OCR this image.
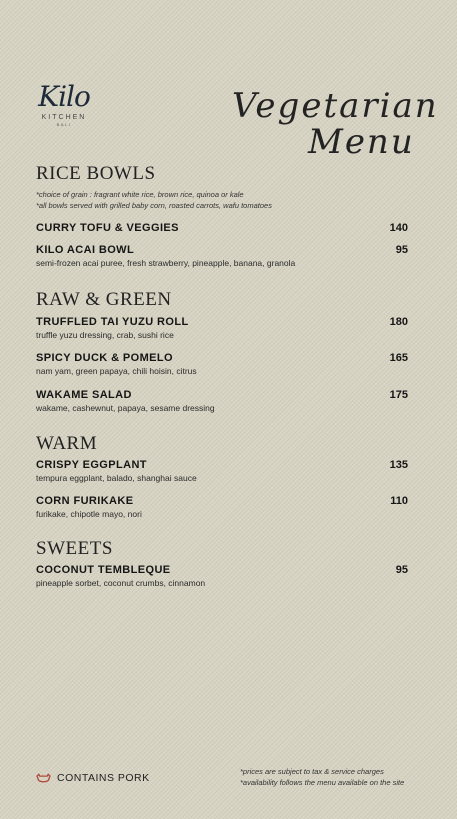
Kilo
KITCHEN
BALI	Vegetarian
Menu
RICE BOWLS
*choice of grain : fragrant white rice, brown rice, quinoa or kale
*all bowls served with grilled baby corn, roasted carrots, wafu tomatoes
CURRY TOFU & VEGGIES	140
KILO ACAI BOWL	95
semi-frozen acai puree, fresh strawberry, pineapple, banana, granola
RAW & GREEN
TRUFFLED TAI YUZU ROLL	180
truffle yuzu dressing, crab, sushi rice
SPICY DUCK & POMELO	165
nam yam, green papaya, chili hoisin, citrus
WAKAME SALAD	175
wakame, cashewnut, papaya, sesame dressing
WARM
CRISPY EGGPLANT	135
tempura eggplant, balado, shanghai sauce
CORN FURIKAKE	110
furikake, chipotle mayo, nori
SWEETS
COCONUT TEMBLEQUE	95
pineapple sorbet, coconut crumbs, cinnamon
CONTAINS PORK
*prices are subject to tax & service charges
*availability follows the menu available on the site
